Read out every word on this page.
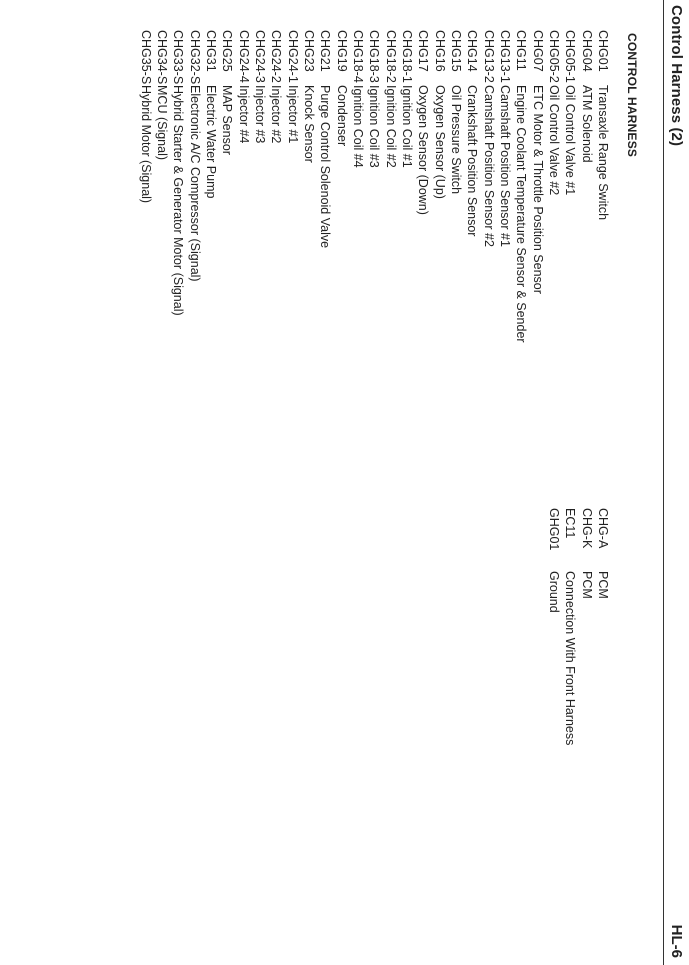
Control Harness (2)
HL-6
CONTROL HARNESS
CHG01
Transaxle Range Switch
CHG04
ATM Solenoid
CHG05-1
Oil Control Valve #1
CHG05-2
Oil Control Valve #2
CHG07
ETC Motor & Throttle Position Sensor
CHG11
Engine Coolant Temperature Sensor & Sender
CHG13-1
Camshaft Position Sensor #1
CHG13-2
Camshaft Position Sensor #2
CHG14
Crankshaft Position Sensor
CHG15
Oil Pressure Switch
CHG16
Oxygen Sensor (Up)
CHG17
Oxygen Sensor (Down)
CHG18-1
Ignition Coil #1
CHG18-2
Ignition Coil #2
CHG18-3
Ignition Coil #3
CHG18-4
Ignition Coil #4
CHG19
Condenser
CHG21
Purge Control Solenoid Valve
CHG23
Knock Sensor
CHG24-1
Injector #1
CHG24-2
Injector #2
CHG24-3
Injector #3
CHG24-4
Injector #4
CHG25
MAP Sensor
CHG31
Electric Water Pump
CHG32-S
Electronic A/C Compressor (Signal)
CHG33-S
Hybrid Starter & Generator Motor (Signal)
CHG34-S
MCU (Signal)
CHG35-S
Hybrid Motor (Signal)
CHG-A
PCM
CHG-K
PCM
EC11
Connection With Front Harness
GHG01
Ground
